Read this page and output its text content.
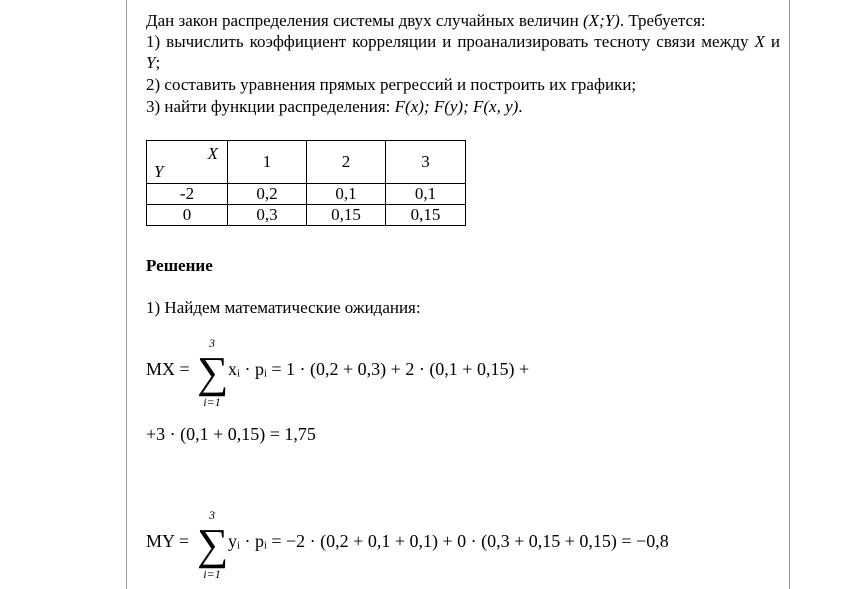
Дан закон распределения системы двух случайных величин (X;Y). Требуется:
1) вычислить коэффициент корреляции и проанализировать тесноту связи между X и Y;
2) составить уравнения прямых регрессий и построить их графики;
3) найти функции распределения: F(x); F(y); F(x, y).
X
Y	1	2	3
-2	0,2	0,1	0,1
0	0,3	0,15	0,15
Решение
1) Найдем математические ожидания:
MX =
3
∑
i=1
xᵢ · pᵢ = 1 · (0,2 + 0,3) + 2 · (0,1 + 0,15) +
+3 · (0,1 + 0,15) = 1,75
MY =
3
∑
i=1
yᵢ · pᵢ = −2 · (0,2 + 0,1 + 0,1) + 0 · (0,3 + 0,15 + 0,15) = −0,8
